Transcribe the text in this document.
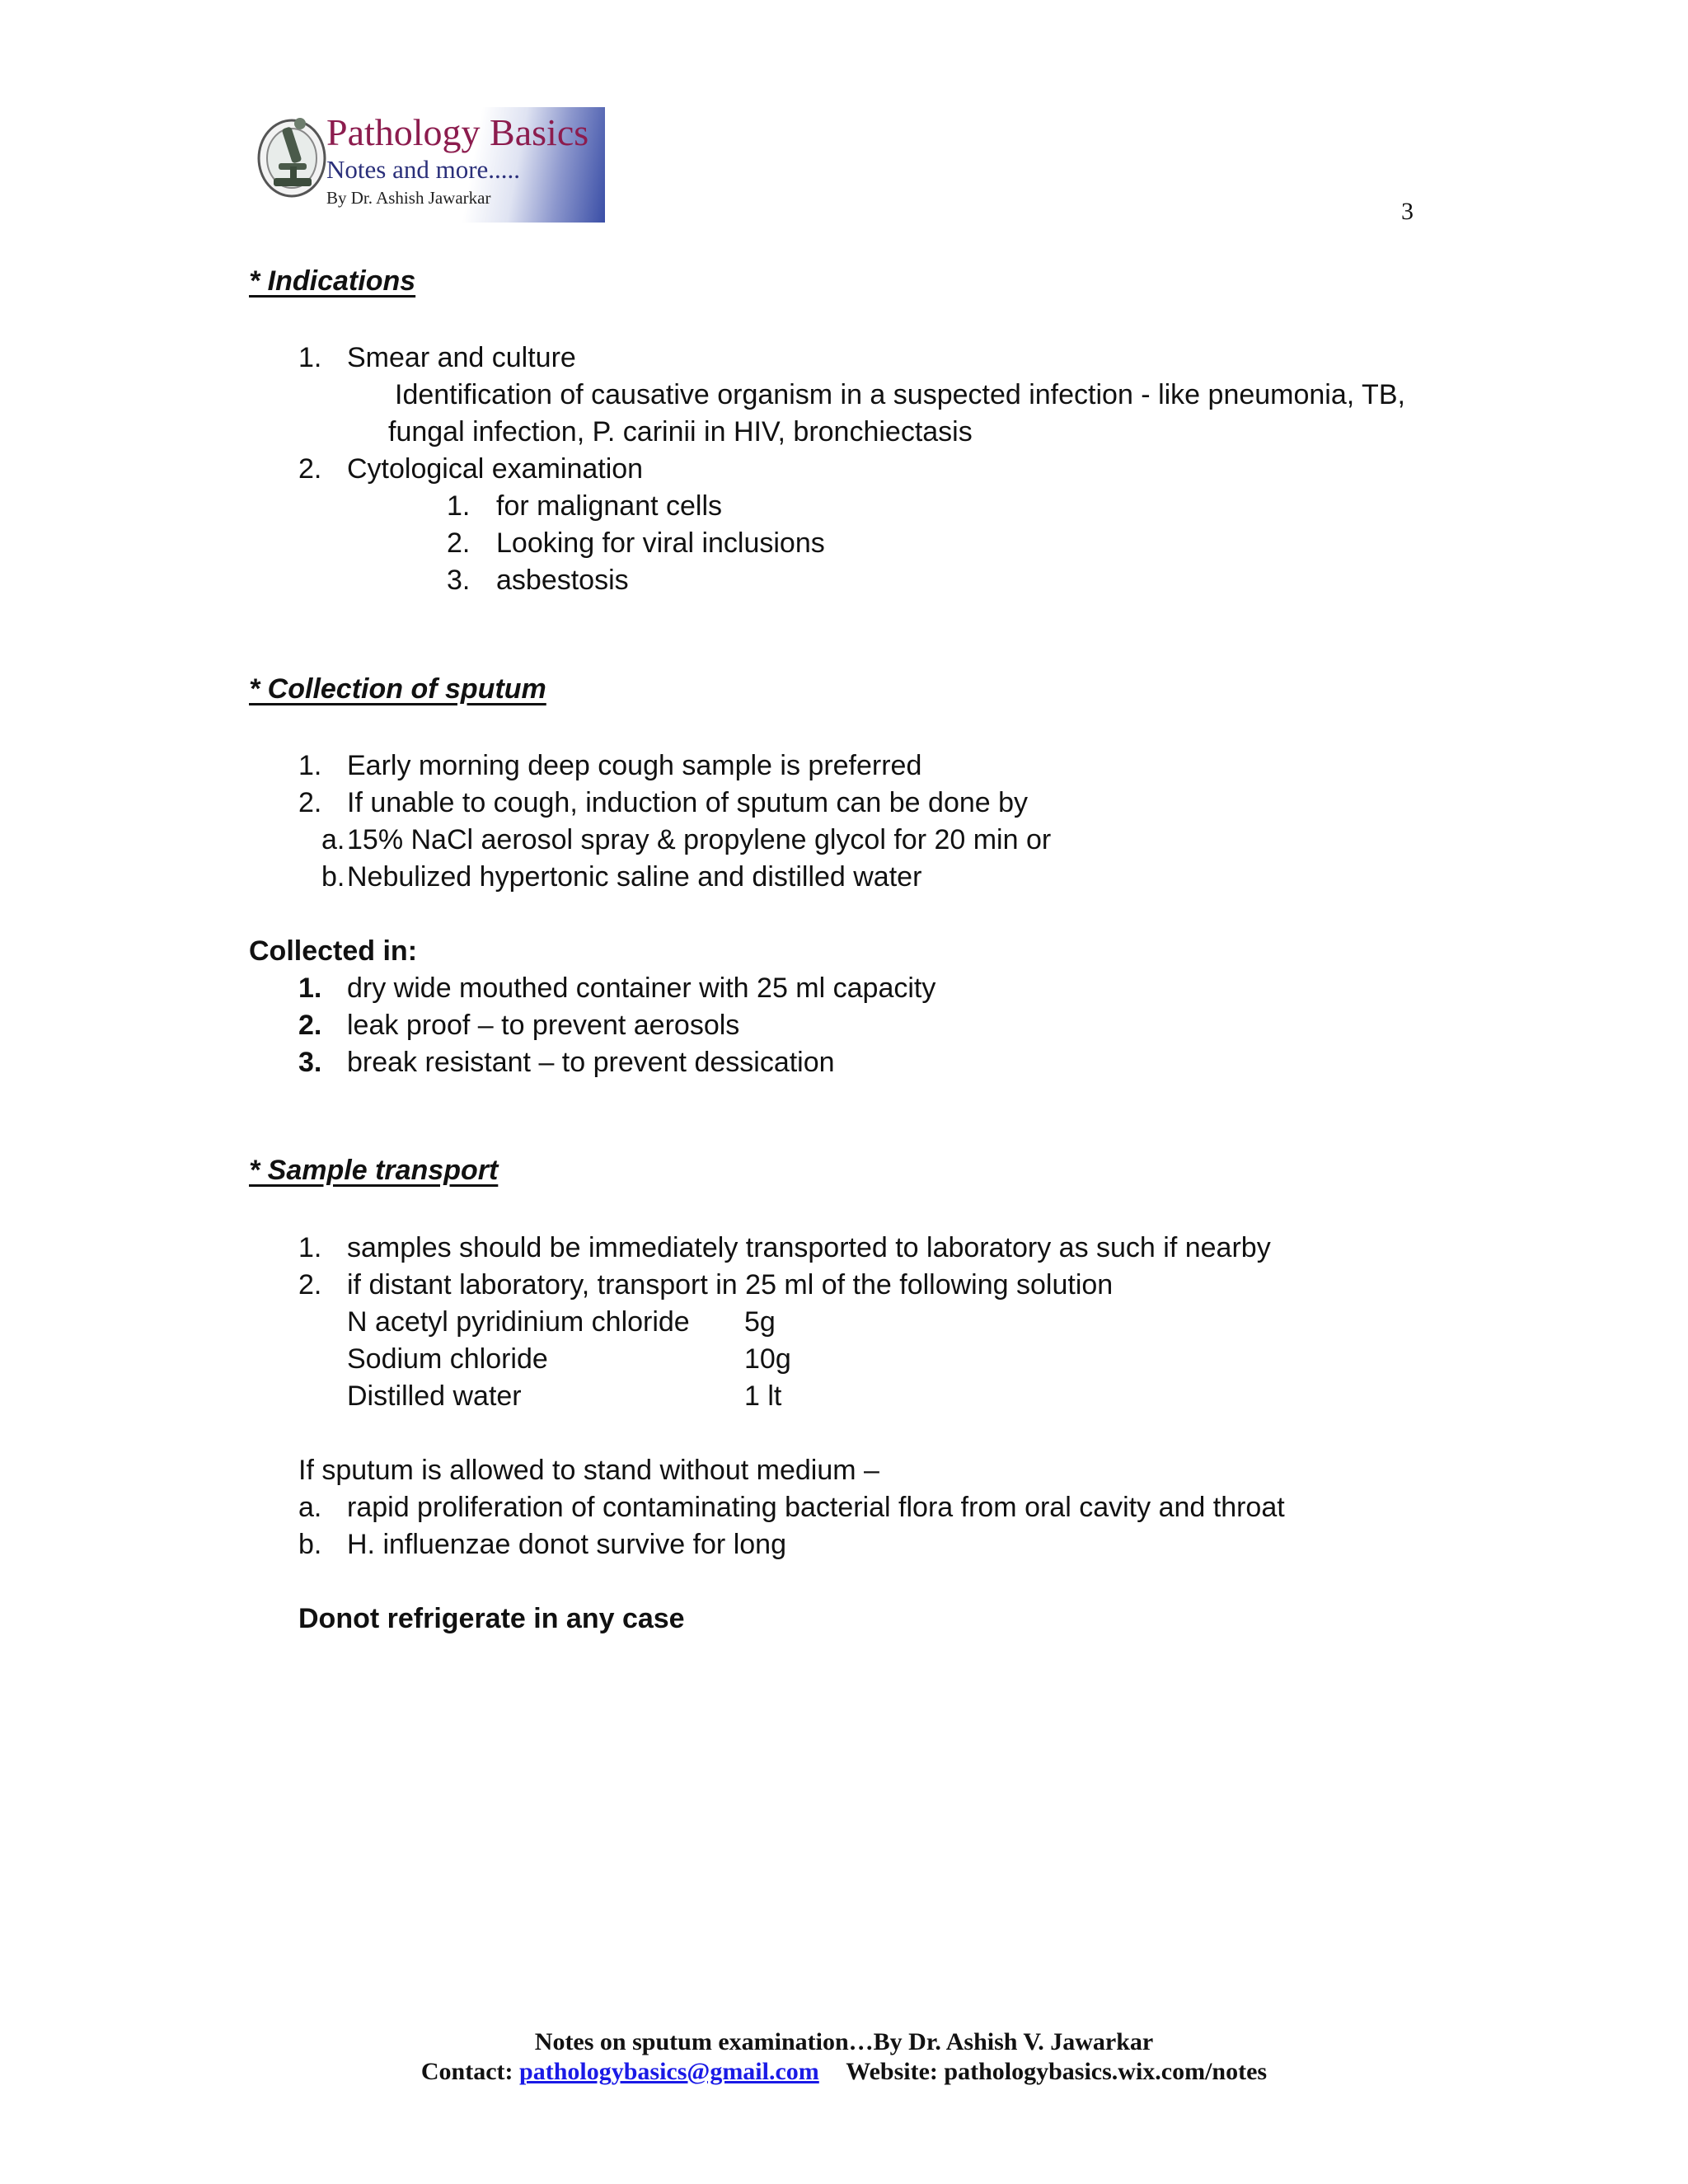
Pathology Basics
Notes and more.....
By Dr. Ashish Jawarkar	3
* Indications
1. Smear and culture
Identification of causative organism in a suspected infection - like pneumonia, TB,
fungal infection, P. carinii in HIV, bronchiectasis
2. Cytological examination
1. for malignant cells
2. Looking for viral inclusions
3. asbestosis
* Collection of sputum
1. Early morning deep cough sample is preferred
2. If unable to cough, induction of sputum can be done by
a. 15% NaCl aerosol spray & propylene glycol for 20 min or
b. Nebulized hypertonic saline and distilled water
Collected in:
1. dry wide mouthed container with 25 ml capacity
2. leak proof – to prevent aerosols
3. break resistant – to prevent dessication
* Sample transport
1. samples should be immediately transported to laboratory as such if nearby
2. if distant laboratory, transport in 25 ml of the following solution
N acetyl pyridinium chloride 5g
Sodium chloride	10g
Distilled water	1 lt
If sputum is allowed to stand without medium –
a. rapid proliferation of contaminating bacterial flora from oral cavity and throat
b. H. influenzae donot survive for long
Donot refrigerate in any case
Notes on sputum examination…By Dr. Ashish V. Jawarkar
Contact: pathologybasics@gmail.com Website: pathologybasics.wix.com/notes
